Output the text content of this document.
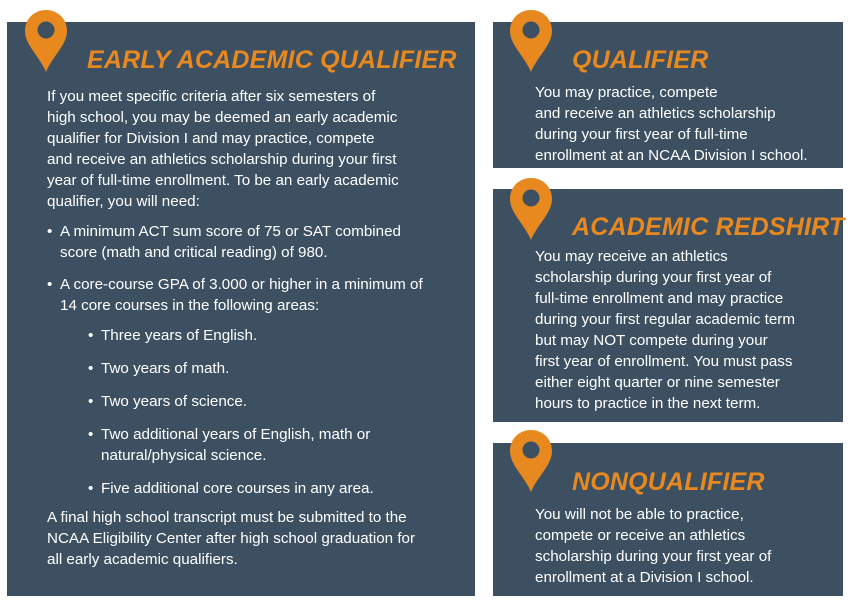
EARLY ACADEMIC QUALIFIER

If you meet specific criteria after six semesters of
high school, you may be deemed an early academic
qualifier for Division I and may practice, compete
and receive an athletics scholarship during your first
year of full-time enrollment. To be an early academic
qualifier, you will need:

• A minimum ACT sum score of 75 or SAT combined
score (math and critical reading) of 980.
• A core-course GPA of 3.000 or higher in a minimum of
14 core courses in the following areas:
• Three years of English.
• Two years of math.
• Two years of science.
• Two additional years of English, math or
natural/physical science.
• Five additional core courses in any area.

A final high school transcript must be submitted to the
NCAA Eligibility Center after high school graduation for
all early academic qualifiers.

QUALIFIER
You may practice, compete
and receive an athletics scholarship
during your first year of full-time
enrollment at an NCAA Division I school.
ACADEMIC REDSHIRT
You may receive an athletics
scholarship during your first year of
full-time enrollment and may practice
during your first regular academic term
but may NOT compete during your
first year of enrollment. You must pass
either eight quarter or nine semester
hours to practice in the next term.
NONQUALIFIER
You will not be able to practice,
compete or receive an athletics
scholarship during your first year of
enrollment at a Division I school.
